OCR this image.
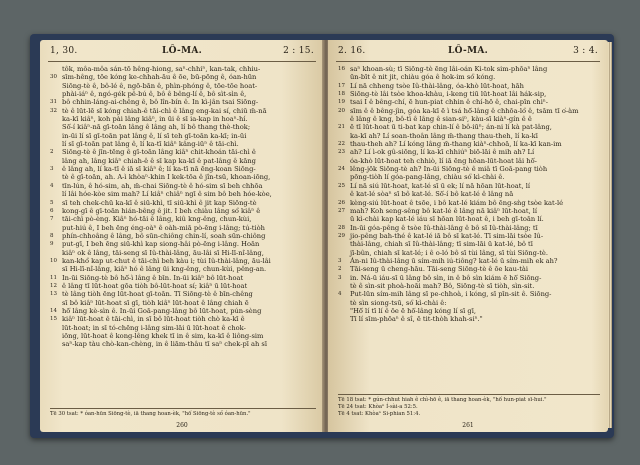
1, 30.	LÔ-MA.	2 : 15.
tôk, môa-môa sán-tō hêng-hiong, saⁿ-chhiⁿ, kan-tak, chhiu-
30 sīm-hêng, tōe kóng ke-chhah-āu ê ōe, bū-pōng ê, óan-hūn
Siōng-tè ê, bô-lé ê, ngō-bān ê, phìn-phóng ê, tōe-tōe hoat-
phài-iáⁿ ê, ngó-gék pê-bú ê, bô ê bêng-lí ê, bô sìt-sìn ê,
31 bô chhin-láng-ai-chêng ê, bô lîn-bín ê. In kì-jân tsai Siōng-
32 tè ê lūt-lē sī kóng chiah-ê tāi-chì ê lâng eng-kai sí, chiū m̄-nā
ka-kī kiâⁿ, koh pài lâng kiâⁿ, in ūi ê sī ia-kap in hoaⁿ-hí.
Sō͘-í kiâⁿ-nā gī-toān lâng ê lâng ah, lí bô thang thè-thok;
in-ūi lí sī gī-toān pat lâng ê, lí sī teh gī-toān ka-kī; in-ūi
lí sī gī-toān pat lâng ê, lí ka-tī kiâⁿ kâng-iūⁿ ê tāi-chì.
2 Siōng-tè ê jīn-tēng ê gī-toān lâng kiâⁿ chit-khoán tāi-chì ê
lâng ah, lâng kiâⁿ chiah-ê ê sī kap ka-kī ê pat-lâng ê kāng
3 ê lâng ah, lí ka-tī ê iā sī kiâⁿ ê; lí ka-tī nā ēng-koan Siōng-
tè ê gī-toān, ah. A-ì khòaⁿ-khin I kek-tōa ê jîn-tsū, khoan-iōng,
4 tīn-lún, ê hó-sim, ah, m̄-chai Siōng-tè ê hó-sim sī beh chhōa
lí lâi hóe-kòe sim mah? Lí kiâⁿ chiâⁿ ngī ê sim bô beh hóe-kòe,
5 sī teh chek-chū ka-kī ê siū-khì, tī siū-khì ê jit kap Siōng-tè
6 kong-gī ê gī-toān hián-bêng ê jit. I beh chiàu lâng só͘ kiâⁿ ê
7 tāi-chì pò-èng. Kiâⁿ hó-tāi ê lâng, kiû kng-êng, chun-kùi,
put-hiú ê, I beh ēng éng-oàⁿ ê oàh-miā pò-ēng i-lâng; tú-tiòh
8 phín-chhoâng ê lâng, bô sūn-chiông chin-lí, soah sūn-chiông
9 put-gī, I beh ēng siū-khì kap siong-hâi pò-ēng i-lâng. Hoān
kiâⁿ ok ê lâng, tāi-seng sī Iû-thài-lâng, āu-lâi sī Hi-lī-nî-lâng,
10 kan-khó͘ kap ut-chut ê tāi-chì beh kàu i; tùi Iû-thài-lâng, āu-lâi
sī Hi-lī-nî-lâng, kiâⁿ hó ê lâng ūi kng-êng, chun-kùi, pêng-an.
11 In-ūi Siōng-tè bô hō͘-ì lâng ê bīn. In-ūi kiâⁿ bô lūt-hoat
12 ê lâng tī lūt-hoat gōa tiòh bô-lūt-hoat sí; kiâⁿ ū lūt-hoat
13 tè lâng tiòh ēng lūt-hoat gī-toān. Tī Siōng-tè ê bīn-chêng
sī bô kiâⁿ lūt-hoat sī gī, tiòh kiâⁿ lūt-hoat ê lâng chiah ē
14 hō͘ lâng kè-sìn ê. In-ūi Goā-pang-lâng bô lūt-hoat, pún-sèng
15 kiâⁿ lūt-hoat ê tāi-chì, in sī bô lūt-hoat tiòh chò ka-kī ê
lūt-hoat; in sī tó-chēng i-lâng sim-lāi ū lūt-hoat ê chok-
iōng, lūt-hoat ê kong-lêng khek tī in ê sim, ka-kī ê liông-sim
saⁿ-kap tàu chò-kan-chèng, in ê liām-thâu tī saⁿ chek-pī ah sī
Tē 30 tsat: * óan-hūn Siōng-tè, iā thang hoan-èk, "hō͘ Siōng-tè só͘ óan-hūn."
260
2. 16.	LÔ-MA.	3 : 4.
16 saⁿ khoan-sù; tī Siōng-tè ēng lâi-oán Ki-tok sim-phōaⁿ lâng
ūn-bīt ê nit jit, chiàu góa ê hok-im só͘ kóng.
17 Lí nā chheng tsòe Iû-thài-lâng, óa-khò lūt-hoat, hāh
18 Siōng-tè lâi tsòe khoa-khàu, i-keng tiū lūt-hoat lâi hák-sip,
19 tsai I ê bêng-chí, ē hun-piat chhin ê chí-hō ê, chai-pīn chiⁿ-
20 sīm ê ê bêng-jìn, góa ka-kī ē ì tsá hō͘-lâng ê chhōa-ló͘ ê, tsām tī o͘-àm
ê lâng ê kng, bô-tì ê lâng ê sian-siⁿ, kàu-sī kiàⁿ-gín ê ê
21 ē tī lūt-hoat ū ti-bat kap chin-lí ê bô-iūⁿ; án-ni lí kà pat-lâng,
ka-kī ah? Lí soan-thoân lâng m̄-thang thau-theh, lí ka-kī
22 thau-theh ah? Lí kóng lâng m̄-thang kiàⁿ-chhoā, lí ka-kī kan-im
23 ah? Lí ì-ok gû-siōng, lí ka-kī chhiúⁿ biō-lāi ê mih ah? Lí
óa-khò lūt-hoat teh chhiò, lí iā ēng hōan-lūt-hoat lâi hō͘-
24 lêng-jōk Siōng-tè ah? In-ūi Siōng-tè ê miâ tī Goā-pang tiòh
pōng-tiòh lí góa-pang-lâng, chiàu só͘ kì-chài ê.
25 Lí nā siú lūt-hoat, kat-lé sī ū ek; lí nā hōan lūt-hoat, lí
ê kat-lé sòaⁿ sī bô kat-lé. Sō͘-í bô kat-lé ê lâng nā
26 kèng-siú lūt-hoat ê tsōe, i bô kat-lé kiám bô ēng-sǹg tsòe kat-lé
27 mah? Koh seng-sêng bô kat-lé ê lâng nā kiâⁿ lūt-hoat, lí
ū kì-chài kap kat-lé iáu sī hōan lūt-hoat ê, i beh gī-toān lí.
28 In-ūi góa-pêng ê tsòe Iû-thài-lâng ê bô sī Iû-thài-lâng; tī
29 jio-pêng bah-thé ê kat-lé iā bô sī kat-lé. Tī sim-lāi tsòe Iû-
thài-lâng, chiah sī Iû-thài-lâng; tī sim-lāi ū kat-lé, bô tī
jī-bûn, chiah sī kat-lé; i ê o-ló bô sī tùi lâng, sī tùi Siōng-tè.
3 Án-ni Iû-thài-lâng ū sím-mih iú-tiông? kat-lé ū sím-mih ek ah?
2 Tāi-seng ū cheng-hāu. Tāi-seng Siōng-tè ê ōe kau-tài
3 in. Ná-ū iáu-sī ū lâng bô sìn, in ê bô sìn kiám ē hō͘ Siōng-
tè ê sìn-sit phoà-hoāi mah? Bô, Siōng-tè sī tiòh, sìn-sit.
4 Put-lūn sím-mih lâng sī pe-chhoà, i kóng, sī pīn-sit ê. Siōng-
tè sìn siong-tsū, só͘ kì-chài ê:
"Hō͘ lí tī lí ê ōe ē hō͘-lâng kóng lí sī gī,
Tī lí sīm-phōaⁿ ê sî, ē tit-thòh khah-siⁿ."
Tē 18 tsat: * gún-chhut hiah ê chì-hō ê, iā thang hoan-èk, "hō͘ hun-piat sī-hui."
Tē 24 tsat: Khòaⁿ Í-sài-a 52:5.
Tē 4 tsat: Khòaⁿ Si-phian 51:4.
261
